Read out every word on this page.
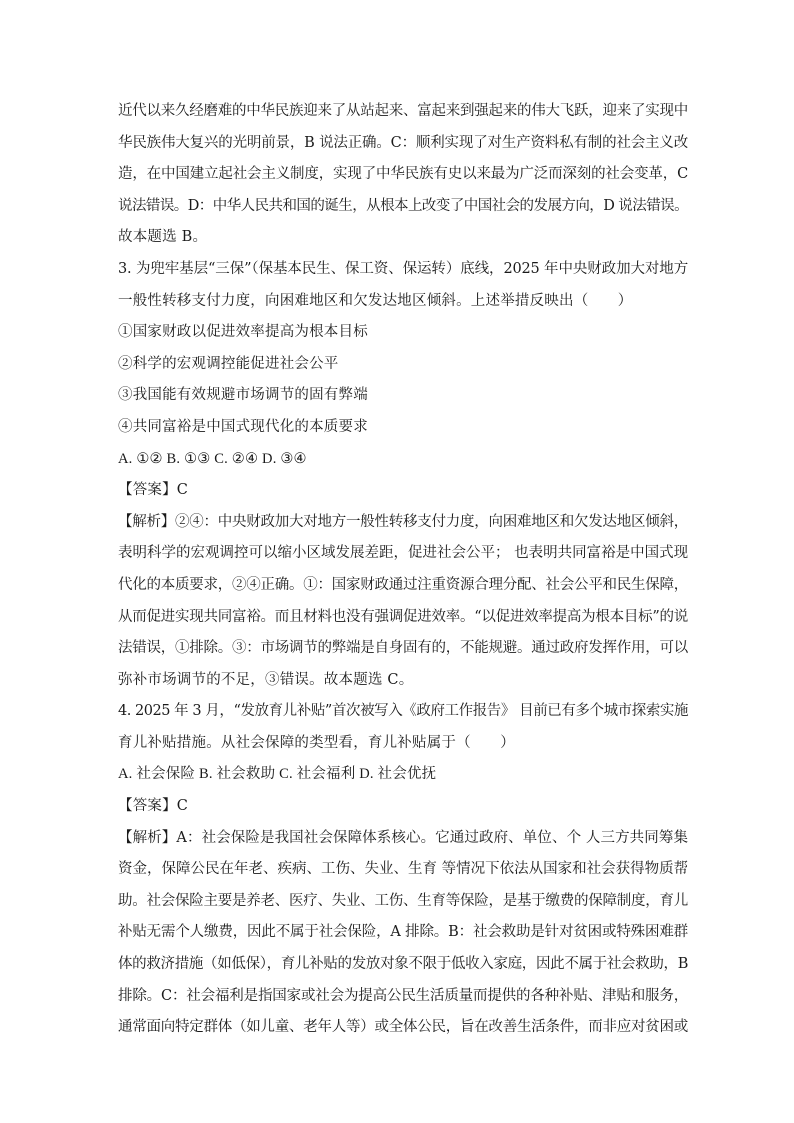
近代以来久经磨难的中华民族迎来了从站起来、富起来到强起来的伟大飞跃，迎来了实现中
华民族伟大复兴的光明前景，B 说法正确。C：顺利实现了对生产资料私有制的社会主义改
造，在中国建立起社会主义制度，实现了中华民族有史以来最为广泛而深刻的社会变革，C
说法错误。D：中华人民共和国的诞生，从根本上改变了中国社会的发展方向，D 说法错误。
故本题选 B。
3. 为兜牢基层“三保”（保基本民生、保工资、保运转）底线，2025 年中央财政加大对地方
一般性转移支付力度，向困难地区和欠发达地区倾斜。上述举措反映出（　　）
①国家财政以促进效率提高为根本目标
②科学的宏观调控能促进社会公平
③我国能有效规避市场调节的固有弊端
④共同富裕是中国式现代化的本质要求
A. ①② B. ①③ C. ②④ D. ③④
【答案】C
【解析】②④：中央财政加大对地方一般性转移支付力度，向困难地区和欠发达地区倾斜，
表明科学的宏观调控可以缩小区域发展差距，促进社会公平； 也表明共同富裕是中国式现
代化的本质要求，②④正确。①：国家财政通过注重资源合理分配、社会公平和民生保障，
从而促进实现共同富裕。而且材料也没有强调促进效率。“以促进效率提高为根本目标”的说
法错误，①排除。③：市场调节的弊端是自身固有的，不能规避。通过政府发挥作用，可以
弥补市场调节的不足，③错误。故本题选 C。
4. 2025 年 3 月，“发放育儿补贴”首次被写入《政府工作报告》 目前已有多个城市探索实施
育儿补贴措施。从社会保障的类型看，育儿补贴属于（　　）
A. 社会保险 B. 社会救助 C. 社会福利 D. 社会优抚
【答案】C
【解析】A：社会保险是我国社会保障体系核心。它通过政府、单位、个 人三方共同筹集
资金，保障公民在年老、疾病、工伤、失业、生育 等情况下依法从国家和社会获得物质帮
助。社会保险主要是养老、医疗、失业、工伤、生育等保险，是基于缴费的保障制度，育儿
补贴无需个人缴费，因此不属于社会保险，A 排除。B：社会救助是针对贫困或特殊困难群
体的救济措施（如低保），育儿补贴的发放对象不限于低收入家庭，因此不属于社会救助，B
排除。C：社会福利是指国家或社会为提高公民生活质量而提供的各种补贴、津贴和服务，
通常面向特定群体（如儿童、老年人等）或全体公民，旨在改善生活条件，而非应对贫困或
